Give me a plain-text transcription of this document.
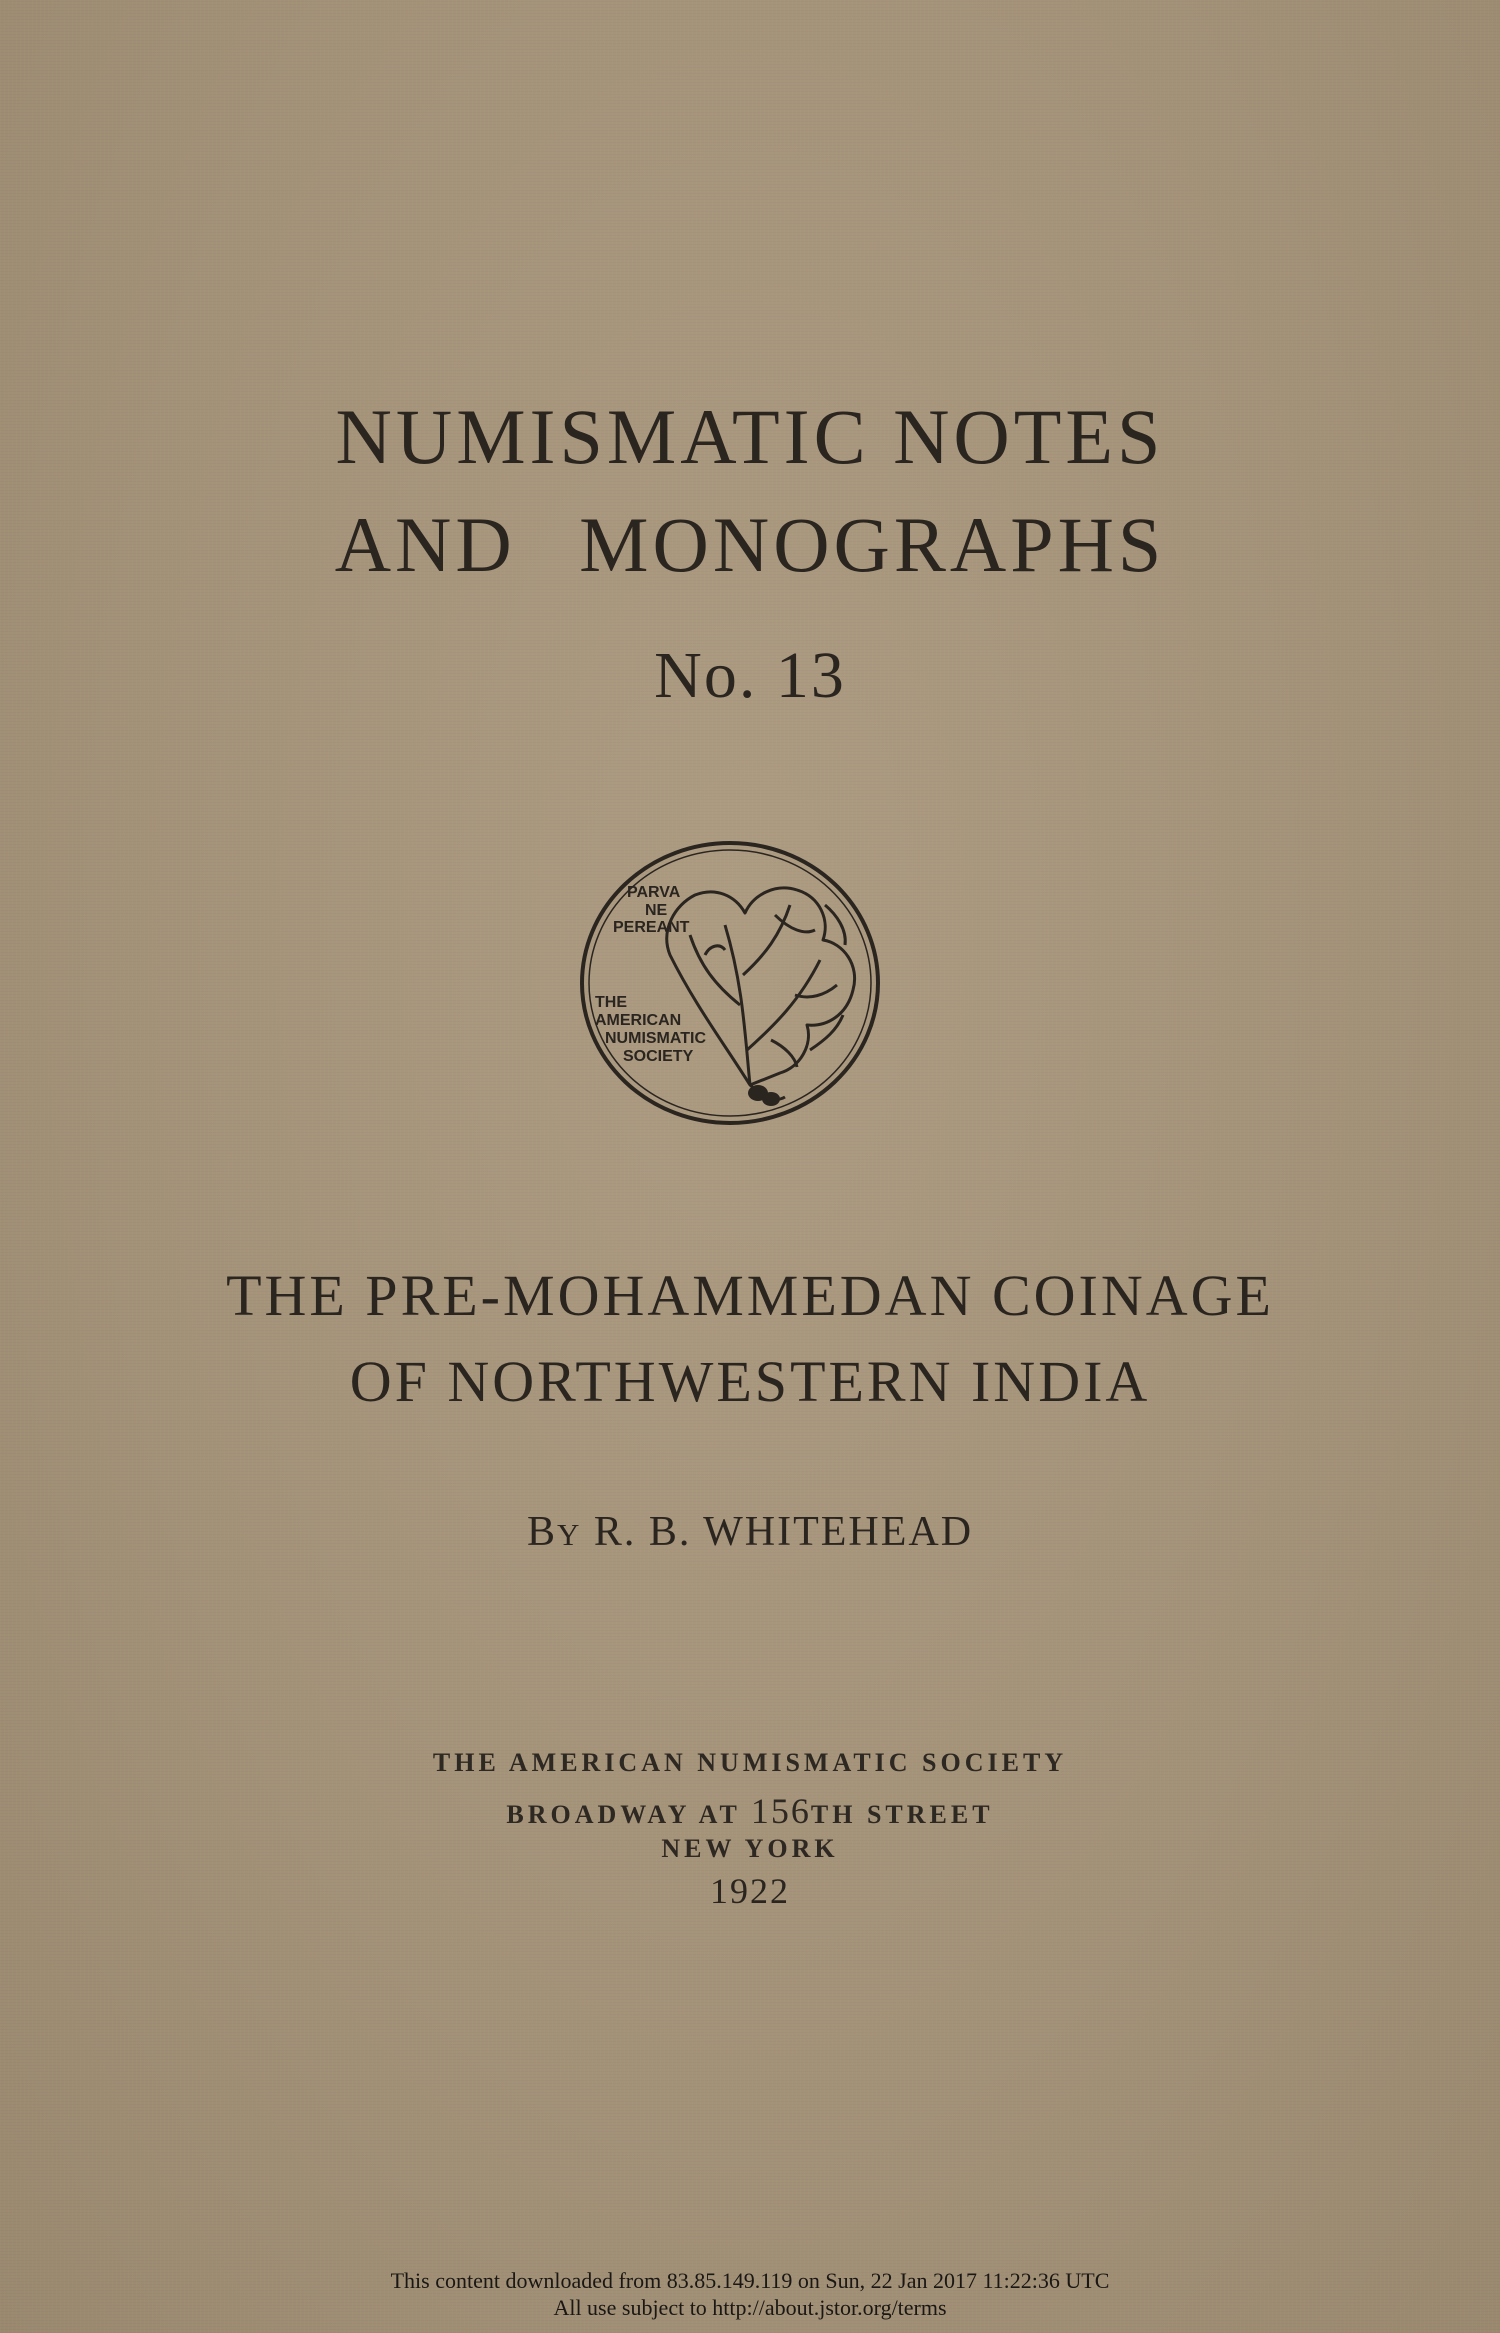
NUMISMATIC NOTES
AND MONOGRAPHS
No. 13
PARVA
NE
PEREANT
THE
AMERICAN
NUMISMATIC
SOCIETY
THE PRE-MOHAMMEDAN COINAGE
OF NORTHWESTERN INDIA
BY R. B. WHITEHEAD
THE AMERICAN NUMISMATIC SOCIETY
BROADWAY AT 156TH STREET
NEW YORK
1922
This content downloaded from 83.85.149.119 on Sun, 22 Jan 2017 11:22:36 UTC
All use subject to http://about.jstor.org/terms
